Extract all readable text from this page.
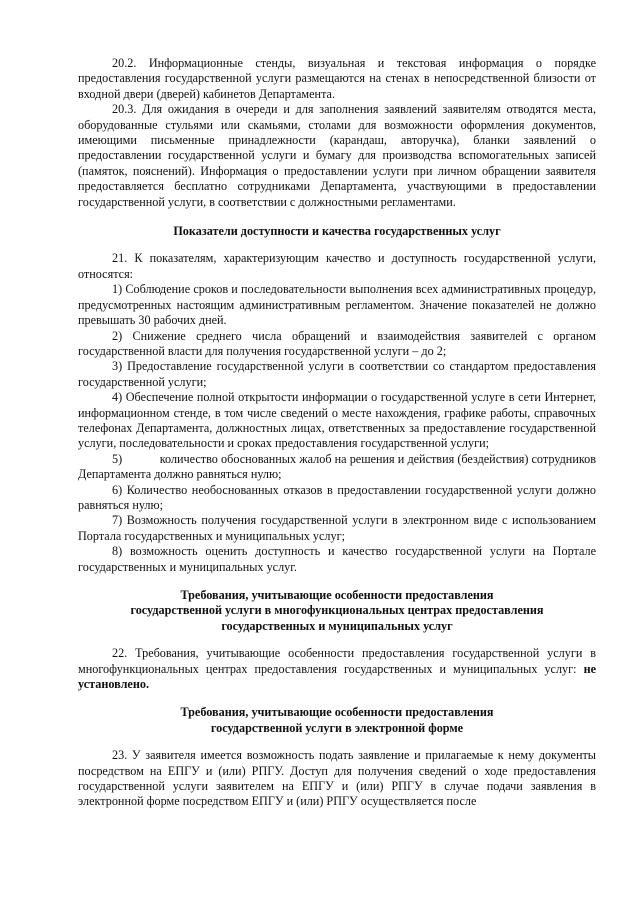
20.2. Информационные стенды, визуальная и текстовая информация о порядке предоставления государственной услуги размещаются на стенах в непосредственной близости от входной двери (дверей) кабинетов Департамента.

20.3. Для ожидания в очереди и для заполнения заявлений заявителям отводятся места, оборудованные стульями или скамьями, столами для возможности оформления документов, имеющими письменные принадлежности (карандаш, авторучка), бланки заявлений о предоставлении государственной услуги и бумагу для производства вспомогательных записей (памяток, пояснений). Информация о предоставлении услуги при личном обращении заявителя предоставляется бесплатно сотрудниками Департамента, участвующими в предоставлении государственной услуги, в соответствии с должностными регламентами.

Показатели доступности и качества государственных услуг

21. К показателям, характеризующим качество и доступность государственной услуги, относятся:

1) Соблюдение сроков и последовательности выполнения всех административных процедур, предусмотренных настоящим административным регламентом. Значение показателей не должно превышать 30 рабочих дней.

2) Снижение среднего числа обращений и взаимодействия заявителей с органом государственной власти для получения государственной услуги – до 2;

3) Предоставление государственной услуги в соответствии со стандартом предоставления государственной услуги;

4) Обеспечение полной открытости информации о государственной услуге в сети Интернет, информационном стенде, в том числе сведений о месте нахождения, графике работы, справочных телефонах Департамента, должностных лицах, ответственных за предоставление государственной услуги, последовательности и сроках предоставления государственной услуги;

5)            количество обоснованных жалоб на решения и действия (бездействия) сотрудников Департамента должно равняться нулю;

6) Количество необоснованных отказов в предоставлении государственной услуги должно равняться нулю;

7) Возможность получения государственной услуги в электронном виде с использованием Портала государственных и муниципальных услуг;

8) возможность оценить доступность и качество государственной услуги на Портале государственных и муниципальных услуг.

Требования, учитывающие особенности предоставления
государственной услуги в многофункциональных центрах предоставления
государственных и муниципальных услуг

22. Требования, учитывающие особенности предоставления государственной услуги в многофункциональных центрах предоставления государственных и муниципальных услуг: не установлено.

Требования, учитывающие особенности предоставления
государственной услуги в электронной форме

23. У заявителя имеется возможность подать заявление и прилагаемые к нему документы посредством на ЕПГУ и (или) РПГУ. Доступ для получения сведений о ходе предоставления государственной услуги заявителем на ЕПГУ и (или) РПГУ в случае подачи заявления в электронной форме посредством ЕПГУ и (или) РПГУ осуществляется после
